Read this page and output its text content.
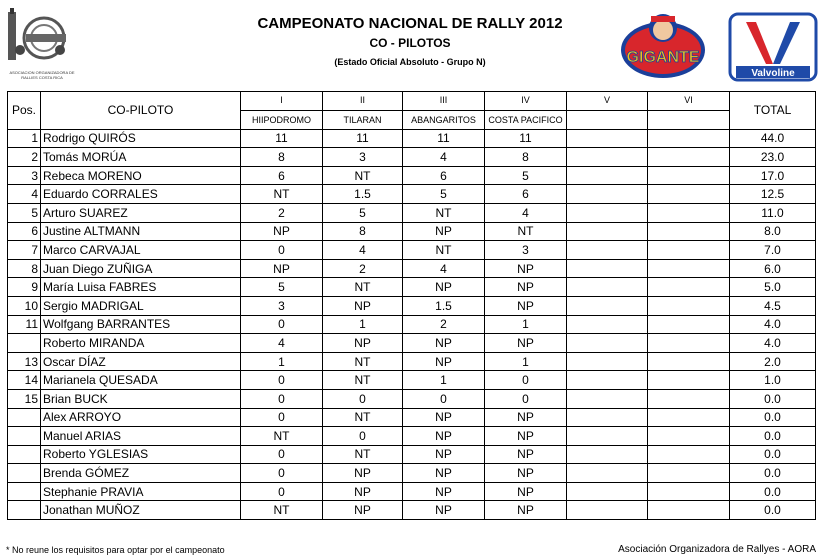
ASOCIACION ORGANIZADORA DE RALLIES COSTA RICA
CAMPEONATO NACIONAL DE RALLY 2012
CO - PILOTOS
(Estado Oficial Absoluto - Grupo N)	GIGANTE
Valvoline
Pos.	CO-PILOTO	I	II	III	IV	V	VI	TOTAL
		HIIPODROMO	TILARAN	ABANGARITOS	COSTA PACIFICO			
1	Rodrigo QUIRÓS	11	11	11	11			44.0
2	Tomás MORÚA	8	3	4	8			23.0
3	Rebeca MORENO	6	NT	6	5			17.0
4	Eduardo CORRALES	NT	1.5	5	6			12.5
5	Arturo SUAREZ	2	5	NT	4			11.0
6	Justine ALTMANN	NP	8	NP	NT			8.0
7	Marco CARVAJAL	0	4	NT	3			7.0
8	Juan Diego ZUÑIGA	NP	2	4	NP			6.0
9	María Luisa FABRES	5	NT	NP	NP			5.0
10	Sergio MADRIGAL	3	NP	1.5	NP			4.5
11	Wolfgang BARRANTES	0	1	2	1			4.0
	Roberto MIRANDA	4	NP	NP	NP			4.0
13	Oscar DÍAZ	1	NT	NP	1			2.0
14	Marianela QUESADA	0	NT	1	0			1.0
15	Brian BUCK	0	0	0	0			0.0
	Alex ARROYO	0	NT	NP	NP			0.0
	Manuel ARIAS	NT	0	NP	NP			0.0
	Roberto YGLESIAS	0	NT	NP	NP			0.0
	Brenda GÓMEZ	0	NP	NP	NP			0.0
	Stephanie PRAVIA	0	NP	NP	NP			0.0
	Jonathan MUÑOZ	NT	NP	NP	NP			0.0
* No reune los requisitos para optar por el campeonato	Asociación Organizadora de Rallyes - AORA
